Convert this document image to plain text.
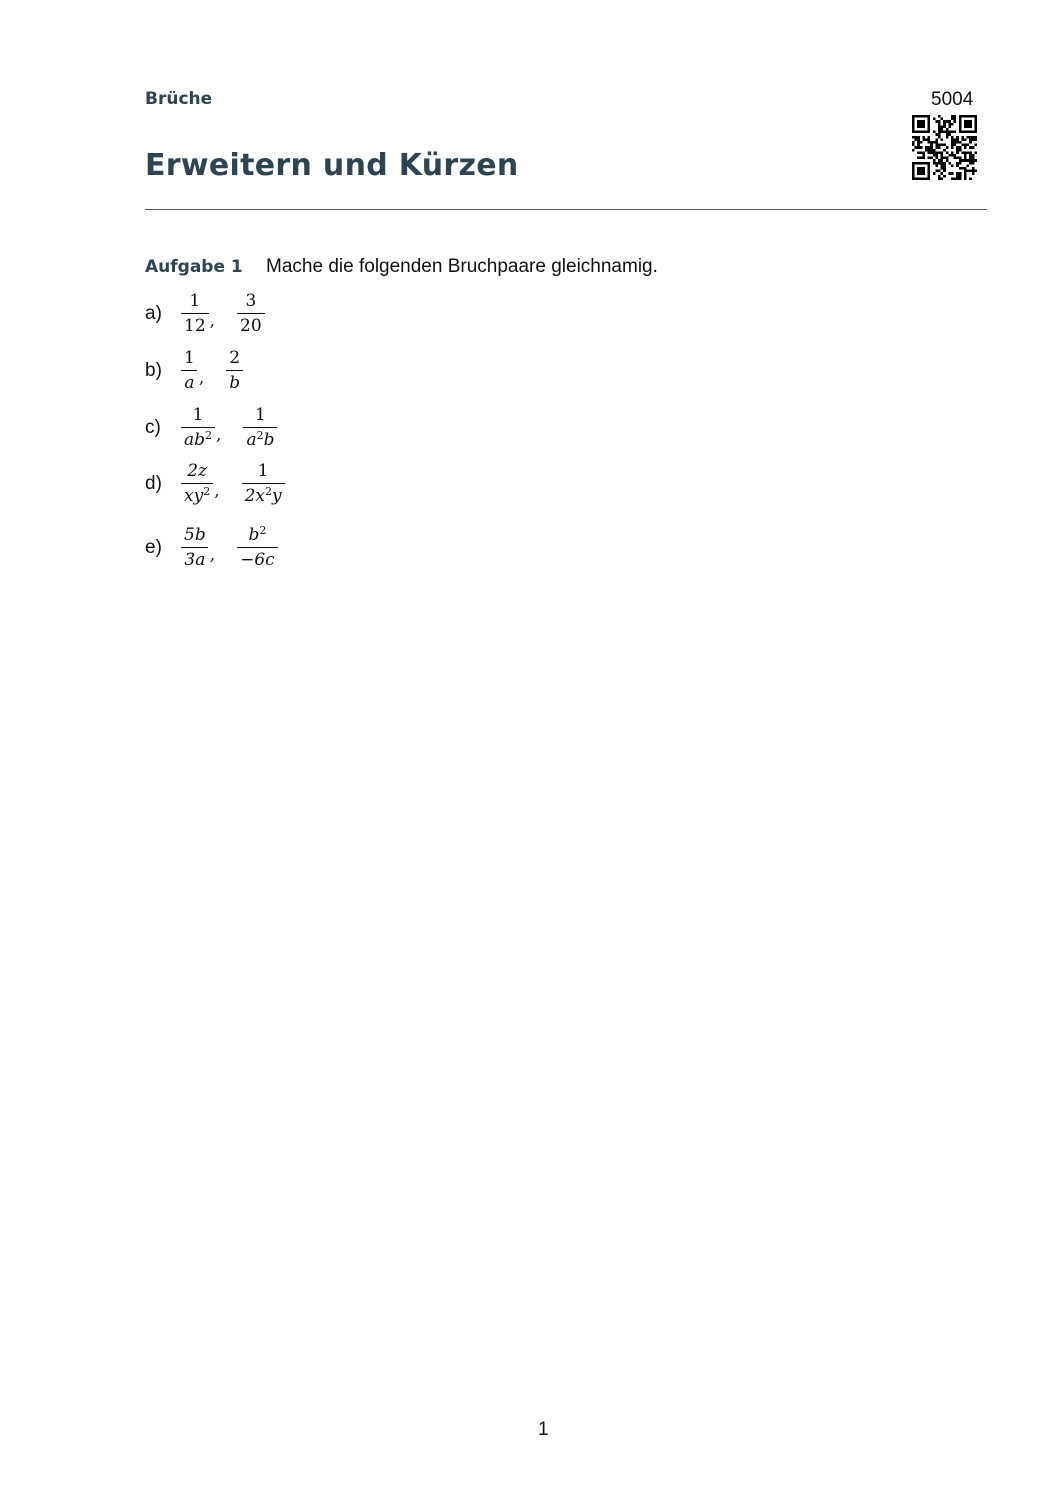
Brüche	5004
Erweitern und Kürzen
Aufgabe 1 Mache die folgenden Bruchpaare gleichnamig.
a)	$\frac{1}{12}$ , $\frac{3}{20}$
b)	$\frac{1}{a}$ , $\frac{2}{b}$
c)	$\frac{1}{ab^2}$ , $\frac{1}{a^2b}$
d)	$\frac{2z}{xy^2}$ , $\frac{1}{2x^2y}$
e)	$\frac{5b}{3a}$ , $\frac{b^2}{-6c}$
1
